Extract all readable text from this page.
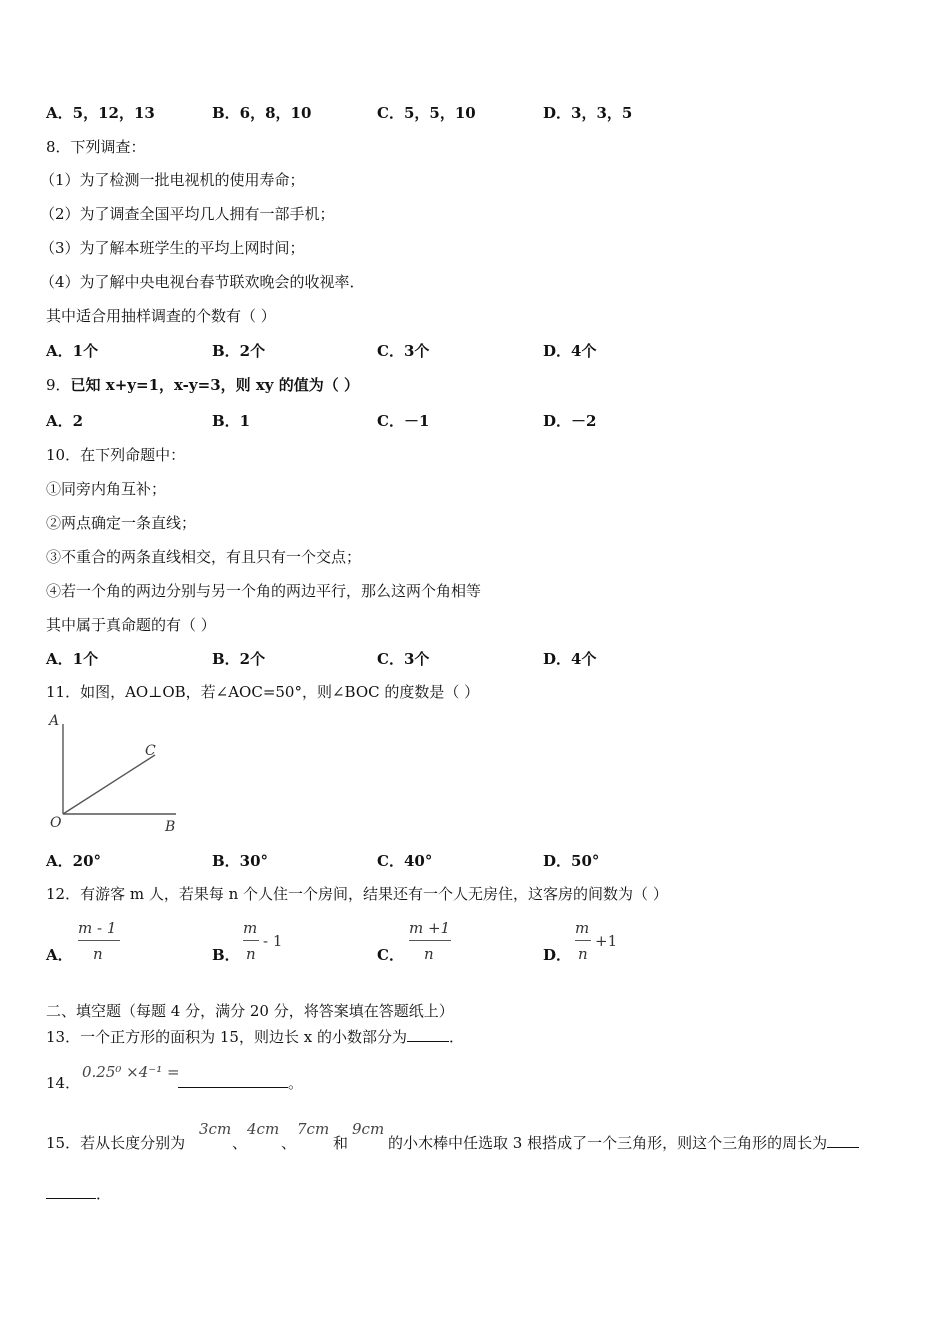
A．5，12，13	B．6，8，10	C．5，5，10	D．3，3，5
8．下列调查：
（1）为了检测一批电视机的使用寿命；
（2）为了调查全国平均几人拥有一部手机；
（3）为了解本班学生的平均上网时间；
（4）为了解中央电视台春节联欢晚会的收视率．
其中适合用抽样调查的个数有（ ）
A．1个	B．2个	C．3个	D．4个
9．已知 x+y=1，x-y=3，则 xy 的值为（ ）
A．2	B．1	C．－1	D．－2
10．在下列命题中：
①同旁内角互补；
②两点确定一条直线；
③不重合的两条直线相交，有且只有一个交点；
④若一个角的两边分别与另一个角的两边平行，那么这两个角相等
其中属于真命题的有（ ）
A．1个	B．2个	C．3个	D．4个
11．如图，AO⊥OB，若∠AOC=50°，则∠BOC 的度数是（ ）
A
C
O	B
A．20°	B．30°	C．40°	D．50°
12．有游客 m 人，若果每 n 个人住一个房间，结果还有一个人无房住，这客房的间数为（ ）
A．	B．	C．	D．
m - 1
n
m
n
- 1
m +1
n
m
n
+1
二、填空题（每题 4 分，满分 20 分，将答案填在答题纸上）
13．一个正方形的面积为 15，则边长 x 的小数部分为	．
14．
0.25⁰ ×4⁻¹ =
。
15．若从长度分别为
3cm
、
4cm
、
7cm
和
9cm
的小木棒中任选取 3 根搭成了一个三角形，则这个三角形的周长为
．
